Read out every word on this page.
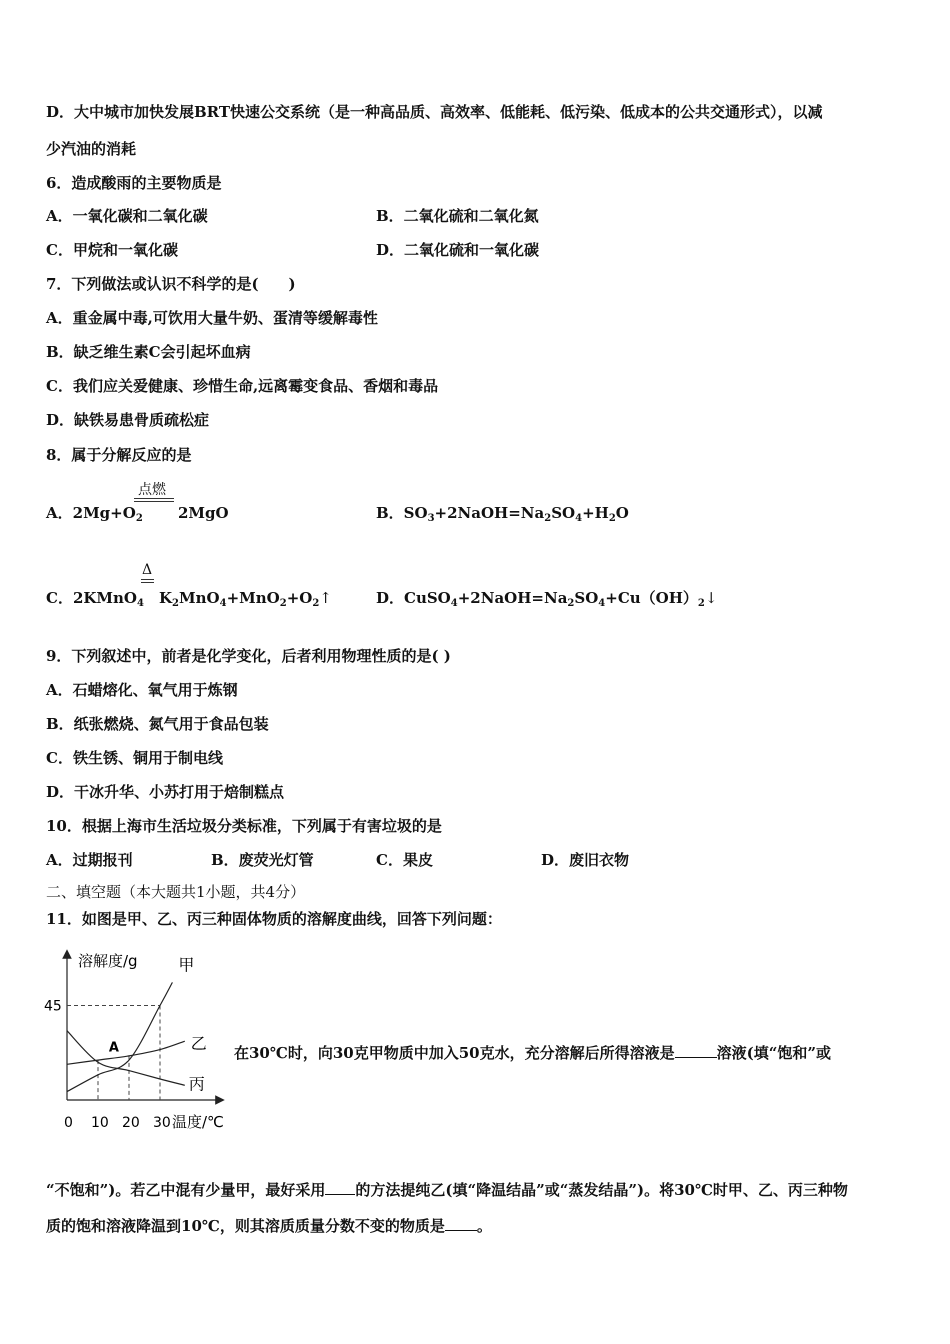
D．大中城市加快发展BRT快速公交系统（是一种高品质、高效率、低能耗、低污染、低成本的公共交通形式），以减
少汽油的消耗
6．造成酸雨的主要物质是
A．一氧化碳和二氧化碳	B．二氧化硫和二氧化氮
C．甲烷和一氧化碳	D．二氧化硫和一氧化碳
7．下列做法或认识不科学的是(　　)
A．重金属中毒,可饮用大量牛奶、蛋清等缓解毒性
B．缺乏维生素C会引起坏血病
C．我们应关爱健康、珍惜生命,远离霉变食品、香烟和毒品
D．缺铁易患骨质疏松症
8．属于分解反应的是
点燃
A．$2Mg+O_2$ 2MgO	B．$SO_3+2NaOH=Na_2SO_4+H_2O$
Δ
C．2KMnO$_4$ $K_2MnO_4+MnO_2+O_2↑$	D．$CuSO_4+2NaOH=Na_2SO_4+Cu(OH)_2↓$
9．下列叙述中，前者是化学变化，后者利用物理性质的是( )
A．石蜡熔化、氧气用于炼钢
B．纸张燃烧、氮气用于食品包装
C．铁生锈、铜用于制电线
D．干冰升华、小苏打用于焙制糕点
10．根据上海市生活垃圾分类标准，下列属于有害垃圾的是
A．过期报刊	B．废荧光灯管	C．果皮	D．废旧衣物
二、填空题（本大题共1小题，共4分）
11．如图是甲、乙、丙三种固体物质的溶解度曲线，回答下列问题：
0 10 20 30
45
甲
乙
丙
A
溶解度/g
温度/℃
在30℃时，向30克甲物质中加入50克水，充分溶解后所得溶液是	溶液(填“饱和”或
“不饱和”)。若乙中混有少量甲，最好采用 的方法提纯乙(填“降温结晶”或“蒸发结晶”)。将30℃时甲、乙、丙三种物
质的饱和溶液降温到10℃，则其溶质质量分数不变的物质是 。
